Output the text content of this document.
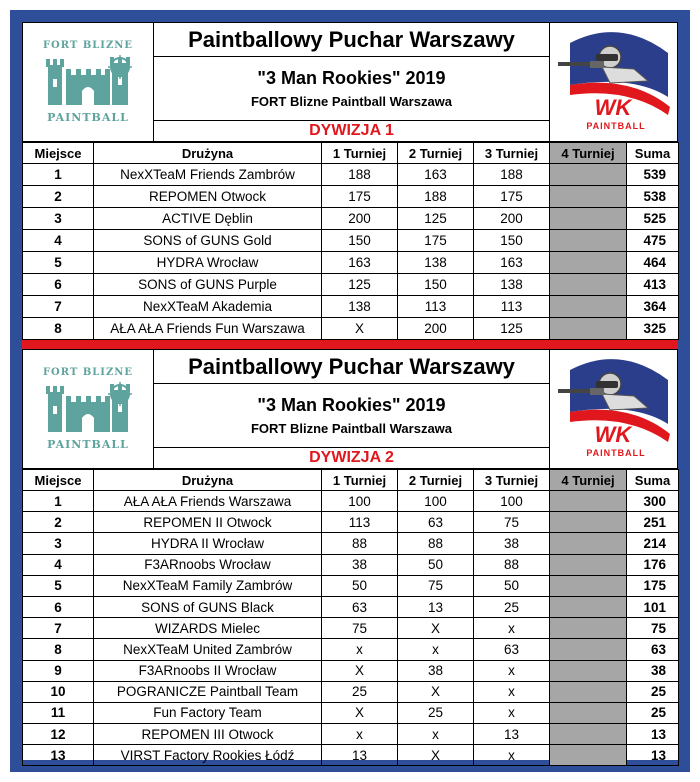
FORT BLIZNE
PAINTBALL
Paintballowy Puchar Warszawy
"3 Man Rookies" 2019
FORT Blizne Paintball Warszawa
DYWIZJA 1
WK
PAINTBALL
Miejsce	Drużyna	1 Turniej	2 Turniej	3 Turniej	4 Turniej	Suma
1	NexXTeaM Friends Zambrów	188	163	188		539
2	REPOMEN Otwock	175	188	175		538
3	ACTIVE Dęblin	200	125	200		525
4	SONS of GUNS Gold	150	175	150		475
5	HYDRA Wrocław	163	138	163		464
6	SONS of GUNS Purple	125	150	138		413
7	NexXTeaM Akademia	138	113	113		364
8	AŁA AŁA Friends Fun Warszawa	X	200	125		325
FORT BLIZNE
PAINTBALL
Paintballowy Puchar Warszawy
"3 Man Rookies" 2019
FORT Blizne Paintball Warszawa
DYWIZJA 2
WK
PAINTBALL
Miejsce	Drużyna	1 Turniej	2 Turniej	3 Turniej	4 Turniej	Suma
1	AŁA AŁA Friends Warszawa	100	100	100		300
2	REPOMEN II Otwock	113	63	75		251
3	HYDRA II Wrocław	88	88	38		214
4	F3ARnoobs Wrocław	38	50	88		176
5	NexXTeaM Family Zambrów	50	75	50		175
6	SONS of GUNS Black	63	13	25		101
7	WIZARDS Mielec	75	X	x		75
8	NexXTeaM United Zambrów	x	x	63		63
9	F3ARnoobs II Wrocław	X	38	x		38
10	POGRANICZE Paintball Team	25	X	x		25
11	Fun Factory Team	X	25	x		25
12	REPOMEN III Otwock	x	x	13		13
13	VIRST Factory Rookies Łódź	13	X	x		13
